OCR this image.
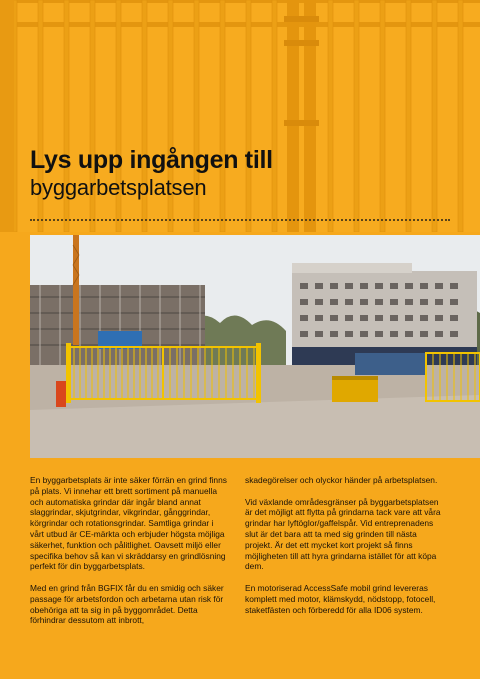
Lys upp ingången till
byggarbetsplatsen

En byggarbetsplats är inte säker förrän en grind finns på plats. Vi innehar ett brett sortiment på manuella och automatiska grindar där ingår bland annat slaggrindar, skjutgrindar, vikgrindar, gånggrindar, körgrindar och rotationsgrindar. Samtliga grindar i vårt utbud är CE-märkta och erbjuder högsta möjliga säkerhet, funktion och pålitlighet. Oavsett miljö eller specifika behov så kan vi skräddarsy en grindlösning perfekt för din byggarbetsplats.

Med en grind från BGFIX får du en smidig och säker passage för arbetsfordon och arbetarna utan risk för obehöriga att ta sig in på byggområdet. Detta förhindrar dessutom att inbrott,

skadegörelser och olyckor händer på arbetsplatsen.

Vid växlande områdesgränser på byggarbetsplatsen är det möjligt att flytta på grindarna tack vare att våra grindar har lyftöglor/gaffelspår. Vid entreprenadens slut är det bara att ta med sig grinden till nästa projekt. Är det ett mycket kort projekt så finns möjligheten till att hyra grindarna istället för att köpa dem.

En motoriserad AccessSafe mobil grind levereras komplett med motor, klämskydd, nödstopp, fotocell, staketfästen och förberedd för alla ID06 system.
